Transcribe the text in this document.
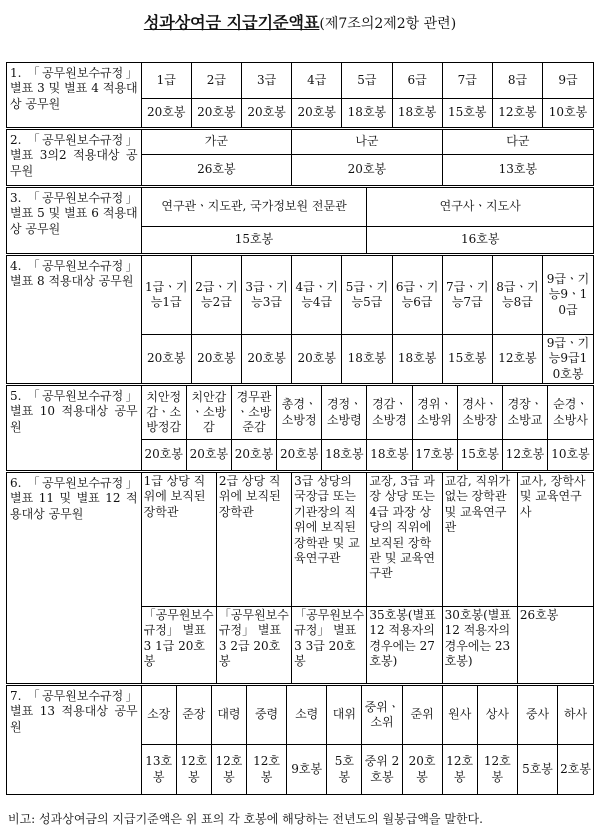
성과상여금 지급기준액표(제7조의2제2항 관련)
1. 「공무원보수규정」 별표 3 및 별표 4 적용대상 공무원	1급			2급				3급				4급			5급			6급			7급			8급			9급		
	20호봉			20호봉				20호봉				20호봉			18호봉			18호봉			15호봉			12호봉			10호봉		
2. 「공무원보수규정」 별표 3의2 적용대상 공무원	가군											나군									다군								
	26호봉											20호봉									13호봉								
3. 「공무원보수규정」 별표 5 및 별표 6 적용대상 공무원	연구관ㆍ지도관, 국가정보원 전문관																연구사ㆍ지도사												
	15호봉																16호봉												
4. 「공무원보수규정」 별표 8 적용대상 공무원	1급ㆍ기능1급			2급ㆍ기능2급				3급ㆍ기능3급				4급ㆍ기능4급			5급ㆍ기능5급			6급ㆍ기능6급			7급ㆍ기능7급			8급ㆍ기능8급			9급ㆍ기능9ㆍ10급		
	20호봉			20호봉				20호봉				20호봉			18호봉			18호봉			15호봉			12호봉			9급ㆍ기능9급10호봉		
5. 「공무원보수규정」 별표 10 적용대상 공무원	치안정감ㆍ소방정감		치안감ㆍ소방감				경무관ㆍ소방준감			총경ㆍ소방정			경정ㆍ소방령				경감ㆍ소방경			경위ㆍ소방위		경사ㆍ소방장			경장ㆍ소방교			순경ㆍ소방사	
	20호봉		20호봉				20호봉			20호봉			18호봉				18호봉			17호봉		15호봉			12호봉			10호봉	
6. 「공무원보수규정」 별표 11 및 별표 12 적용대상 공무원	1급 상당 직위에 보직된 장학관					2급 상당 직위에 보직된 장학관						3급 상당의 국장급 또는 기관장의 직위에 보직된 장학관 및 교육연구관					교장, 3급 과장 상당 또는 4급 과장 상당의 직위에 보직된 장학관 및 교육연구관				교감, 직위가 없는 장학관 및 교육연구관					교사, 장학사 및 교육연구사			
	「공무원보수규정」 별표 3 1급 20호봉					「공무원보수규정」 별표 3 2급 20호봉						「공무원보수규정」 별표 3 3급 20호봉					35호봉(별표 12 적용자의 경우에는 27호봉)				30호봉(별표 12 적용자의 경우에는 23호봉)					26호봉			
7. 「공무원보수규정」 별표 13 적용대상 공무원	소장	준장			대령				중령		소령			대위		중위ㆍ소위			준위		원사		상사			중사			하사
	13호봉	12호봉			12호봉				12호봉		9호봉			5호봉		중위 2호봉			20호봉		12호봉		12호봉			5호봉			2호봉
비고: 성과상여금의 지급기준액은 위 표의 각 호봉에 해당하는 전년도의 월봉급액을 말한다.
